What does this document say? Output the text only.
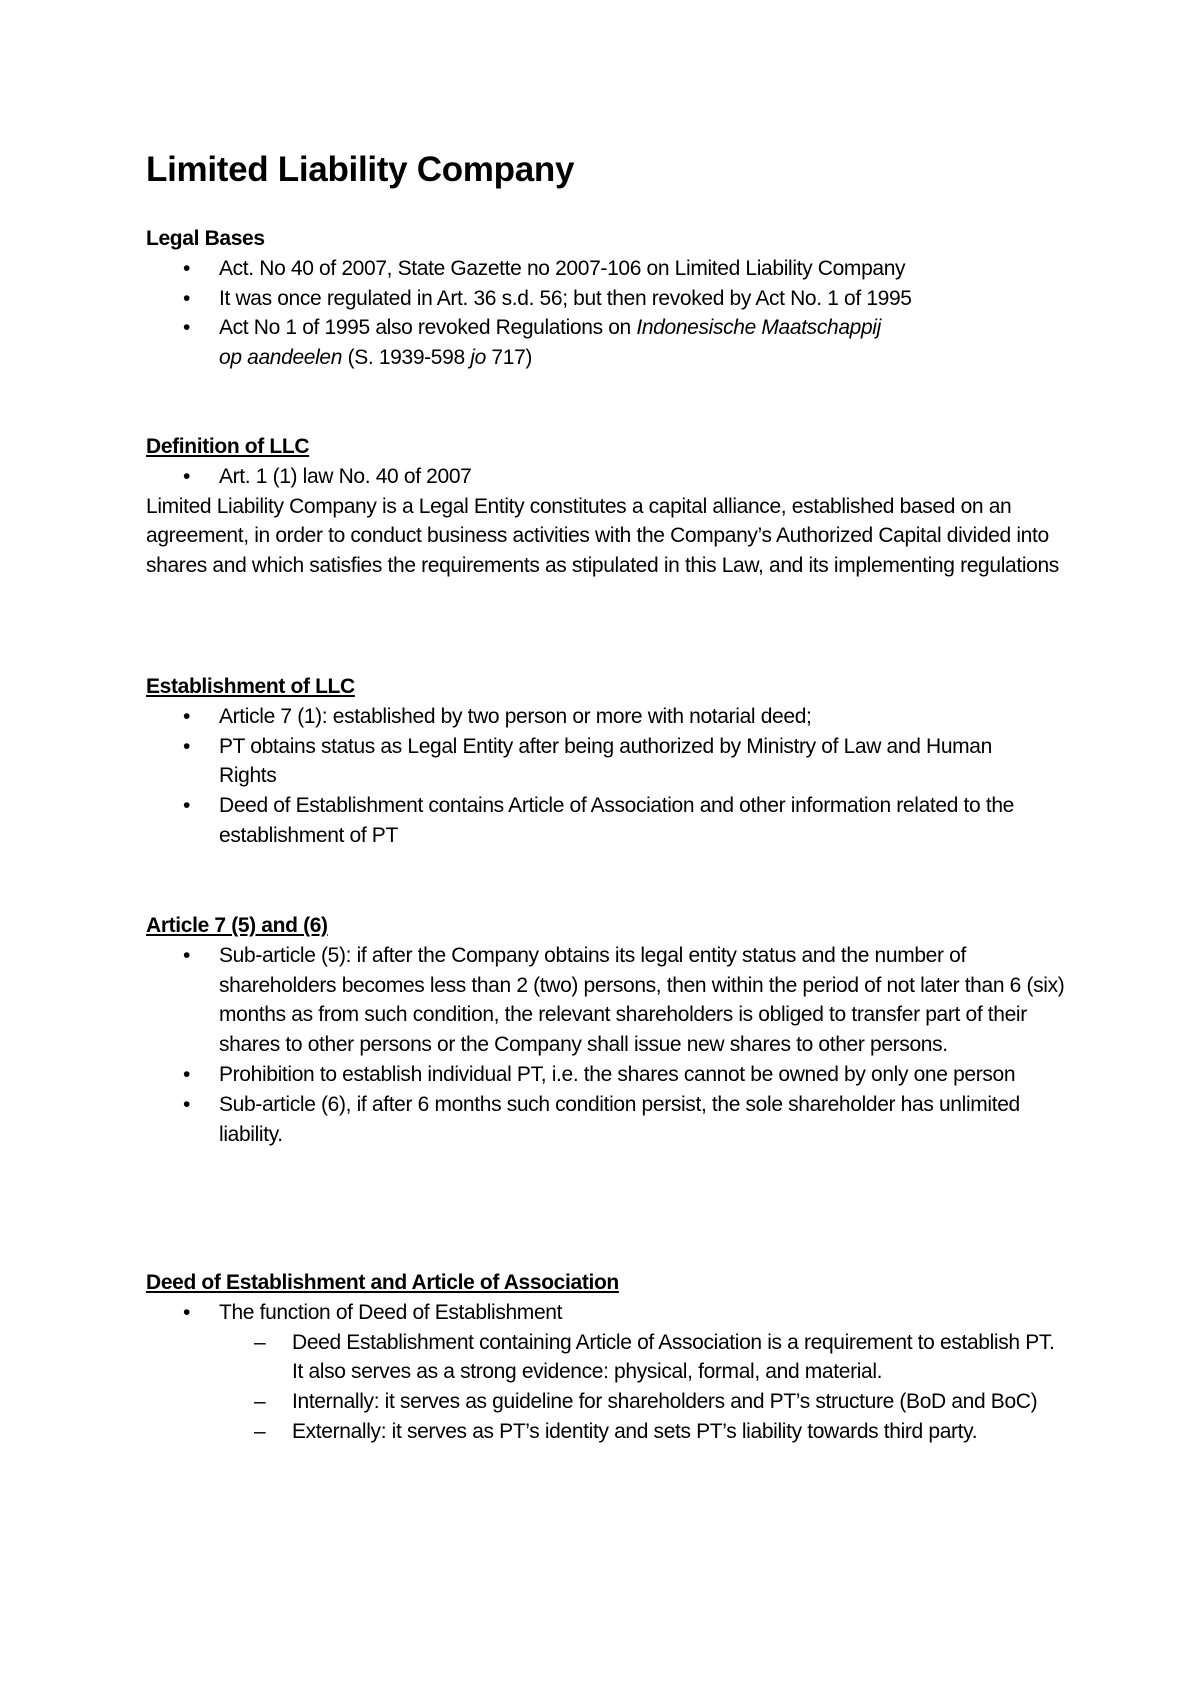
Limited Liability Company
Legal Bases
• Act. No 40 of 2007, State Gazette no 2007-106 on Limited Liability Company
• It was once regulated in Art. 36 s.d. 56; but then revoked by Act No. 1 of 1995
• Act No 1 of 1995 also revoked Regulations on Indonesische Maatschappij op aandeelen (S. 1939-598 jo 717)
Definition of LLC
• Art. 1 (1) law No. 40 of 2007

Limited Liability Company is a Legal Entity constitutes a capital alliance, established based on an agreement, in order to conduct business activities with the Company’s Authorized Capital divided into shares and which satisfies the requirements as stipulated in this Law, and its implementing regulations

Establishment of LLC
• Article 7 (1): established by two person or more with notarial deed;
• PT obtains status as Legal Entity after being authorized by Ministry of Law and Human Rights
• Deed of Establishment contains Article of Association and other information related to the establishment of PT
Article 7 (5) and (6)
• Sub-article (5): if after the Company obtains its legal entity status and the number of shareholders becomes less than 2 (two) persons, then within the period of not later than 6 (six) months as from such condition, the relevant shareholders is obliged to transfer part of their shares to other persons or the Company shall issue new shares to other persons.
• Prohibition to establish individual PT, i.e. the shares cannot be owned by only one person
• Sub-article (6), if after 6 months such condition persist, the sole shareholder has unlimited liability.
Deed of Establishment and Article of Association
• The function of Deed of Establishment
– Deed Establishment containing Article of Association is a requirement to establish PT. It also serves as a strong evidence: physical, formal, and material.
– Internally: it serves as guideline for shareholders and PT’s structure (BoD and BoC)
– Externally: it serves as PT’s identity and sets PT’s liability towards third party.
